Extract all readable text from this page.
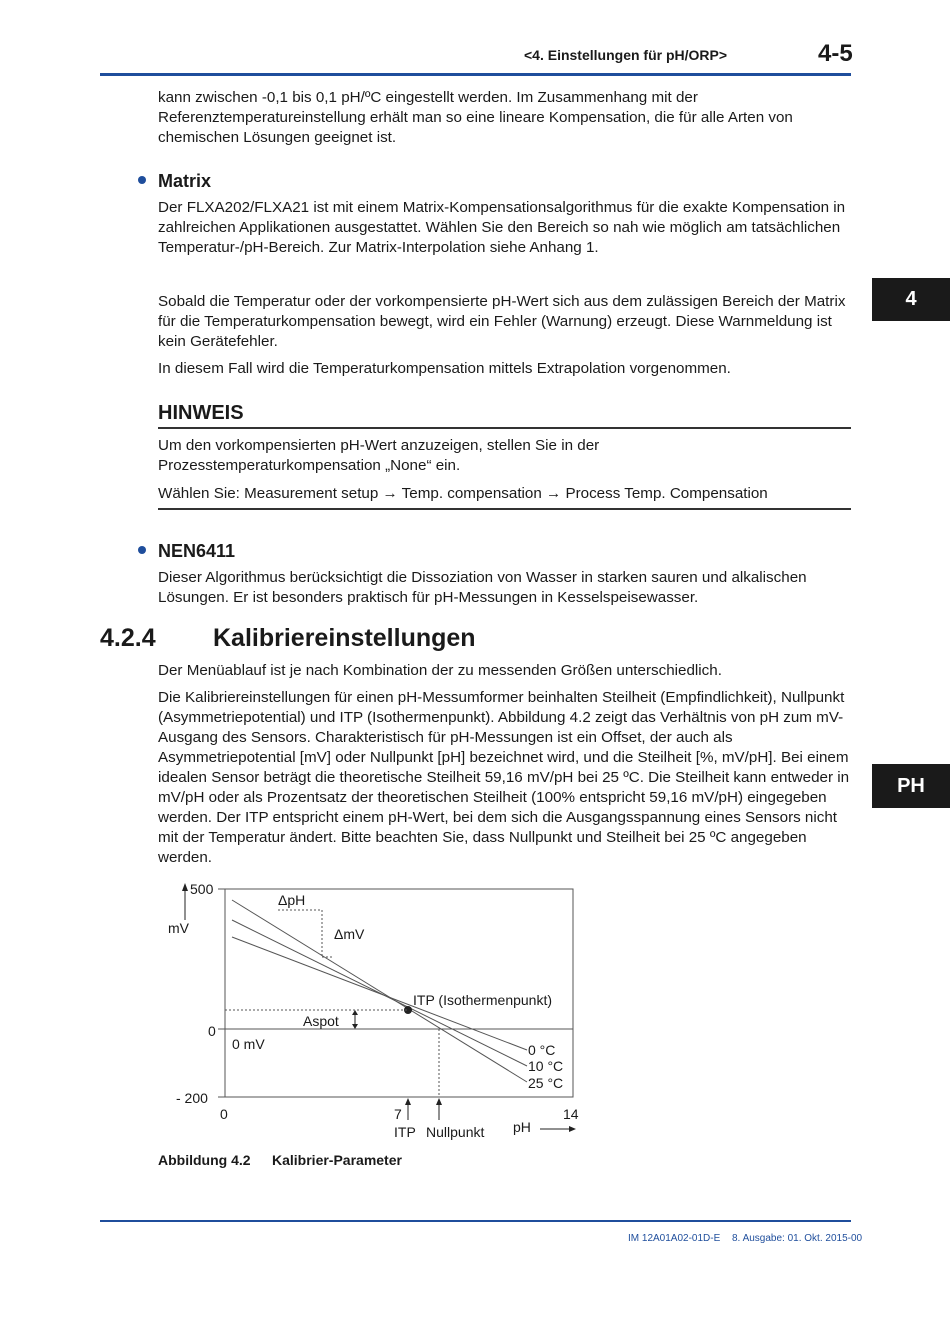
<4. Einstellungen für pH/ORP>	4-5
4
PH

kann zwischen -0,1 bis 0,1 pH/ºC eingestellt werden. Im Zusammenhang mit der Referenztemperatureinstellung erhält man so eine lineare Kompensation, die für alle Arten von chemischen Lösungen geeignet ist.

Matrix

Der FLXA202/FLXA21 ist mit einem Matrix-Kompensationsalgorithmus für die exakte Kompensation in zahlreichen Applikationen ausgestattet. Wählen Sie den Bereich so nah wie möglich am tatsächlichen Temperatur-/pH-Bereich. Zur Matrix-Interpolation siehe Anhang 1.

Sobald die Temperatur oder der vorkompensierte pH-Wert sich aus dem zulässigen Bereich der Matrix für die Temperaturkompensation bewegt, wird ein Fehler (Warnung) erzeugt. Diese Warnmeldung ist kein Gerätefehler.

In diesem Fall wird die Temperaturkompensation mittels Extrapolation vorgenommen.

HINWEIS

Um den vorkompensierten pH-Wert anzuzeigen, stellen Sie in der Prozesstemperaturkompensation „None“ ein.

Wählen Sie: Measurement setup → Temp. compensation → Process Temp. Compensation

NEN6411

Dieser Algorithmus berücksichtigt die Dissoziation von Wasser in starken sauren und alkalischen Lösungen. Er ist besonders praktisch für pH-Messungen in Kesselspeisewasser.

4.2.4 Kalibriereinstellungen

Der Menüablauf ist je nach Kombination der zu messenden Größen unterschiedlich.

Die Kalibriereinstellungen für einen pH-Messumformer beinhalten Steilheit (Empfindlichkeit), Nullpunkt (Asymmetriepotential) und ITP (Isothermenpunkt). Abbildung 4.2 zeigt das Verhältnis von pH zum mV-Ausgang des Sensors. Charakteristisch für pH-Messungen ist ein Offset, der auch als Asymmetriepotential [mV] oder Nullpunkt [pH] bezeichnet wird, und die Steilheit [%, mV/pH]. Bei einem idealen Sensor beträgt die theoretische Steilheit 59,16 mV/pH bei 25 ºC. Die Steilheit kann entweder in mV/pH oder als Prozentsatz der theoretischen Steilheit (100% entspricht 59,16 mV/pH) eingegeben werden. Der ITP entspricht einem pH-Wert, bei dem sich die Ausgangsspannung eines Sensors nicht mit der Temperatur ändert. Bitte beachten Sie, dass Nullpunkt und Steilheit bei 25 ºC angegeben werden.

500
mV
0
- 200
0	7	14
ΔpH
ΔmV
ITP (Isothermenpunkt)
Aspot
0 mV	0 °C
10 °C
25 °C
ITP Nullpunkt pH
Abbildung 4.2 Kalibrier-Parameter
IM 12A01A02-01D-E 8. Ausgabe: 01. Okt. 2015-00
